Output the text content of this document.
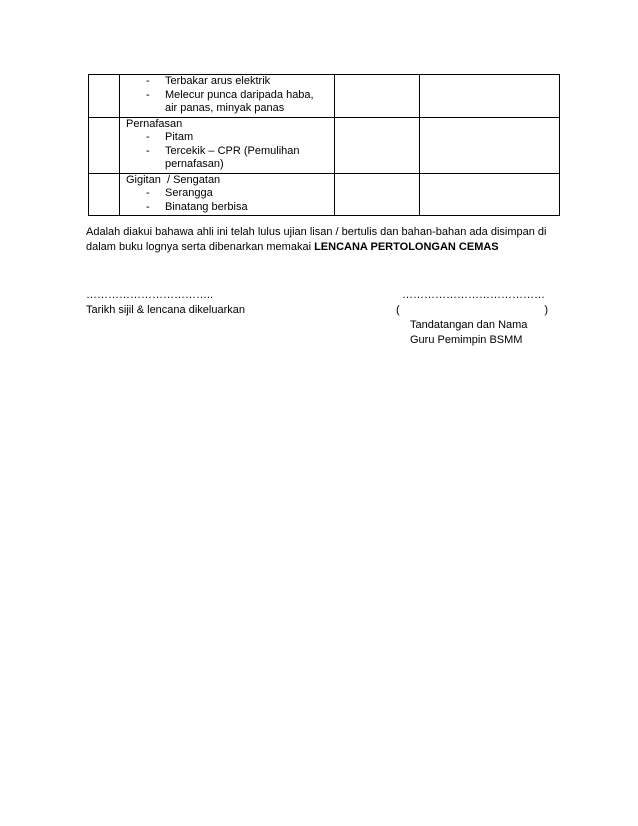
	- Terbakar arus elektrik
- Melecur punca daripada haba, air panas, minyak panas		

	Pernafasan
- Pitam
- Tercekik – CPR (Pemulihan pernafasan)		

	Gigitan  / Sengatan
- Serangga
- Binatang berbisa		

Adalah diakui bahawa ahli ini telah lulus ujian lisan / bertulis dan bahan-bahan ada disimpan di dalam buku lognya serta dibenarkan memakai LENCANA PERTOLONGAN CEMAS

……………………………..
Tarikh sijil & lencana dikeluarkan
…………………………………
(	)
Tandatangan dan Nama
Guru Pemimpin BSMM
